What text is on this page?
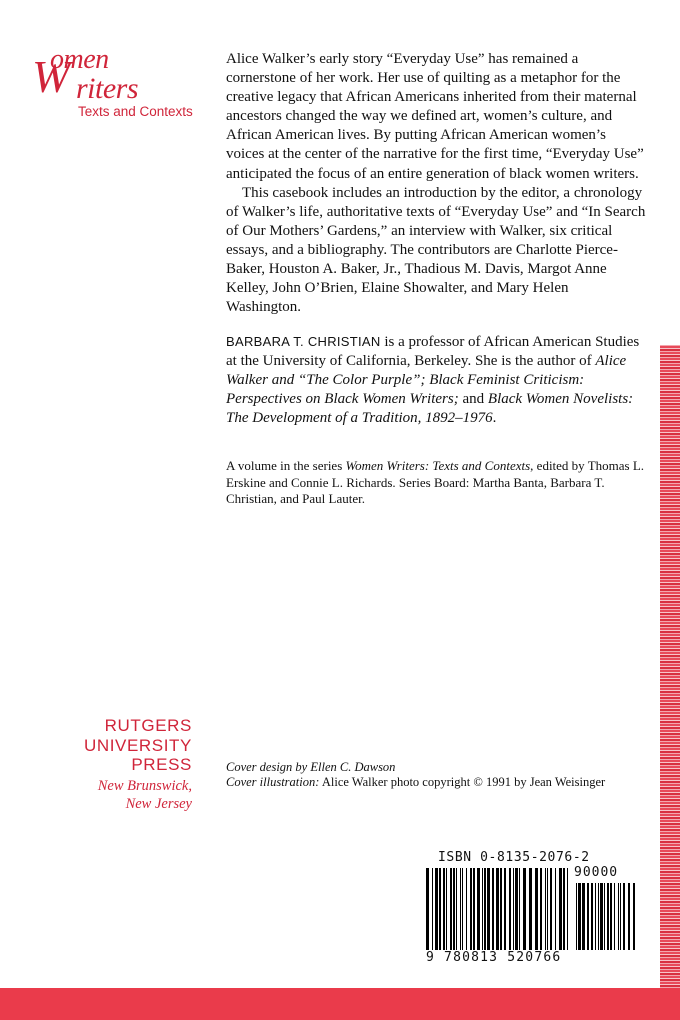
omen
W riters
Texts and Contexts

Alice Walker’s early story “Everyday Use” has remained a cornerstone of her work. Her use of quilting as a metaphor for the creative legacy that African Americans inherited from their maternal ancestors changed the way we defined art, women’s culture, and African American lives. By putting African American women’s voices at the center of the narrative for the first time, “Everyday Use” anticipated the focus of an entire generation of black women writers.

This casebook includes an introduction by the editor, a chronology of Walker’s life, authoritative texts of “Everyday Use” and “In Search of Our Mothers’ Gardens,” an interview with Walker, six critical essays, and a bibliography. The contributors are Charlotte Pierce-Baker, Houston A. Baker, Jr., Thadious M. Davis, Margot Anne Kelley, John O’Brien, Elaine Showalter, and Mary Helen Washington.

BARBARA T. CHRISTIAN is a professor of African American Studies at the University of California, Berkeley. She is the author of Alice Walker and “The Color Purple”; Black Feminist Criticism: Perspectives on Black Women Writers; and Black Women Novelists: The Development of a Tradition, 1892–1976.
A volume in the series Women Writers: Texts and Contexts, edited by Thomas L. Erskine and Connie L. Richards. Series Board: Martha Banta, Barbara T. Christian, and Paul Lauter.
RUTGERS
UNIVERSITY
PRESS
New Brunswick,
New Jersey
Cover design by Ellen C. Dawson
Cover illustration: Alice Walker photo copyright © 1991 by Jean Weisinger
ISBN 0-8135-2076-2
90000
9 780813 520766
